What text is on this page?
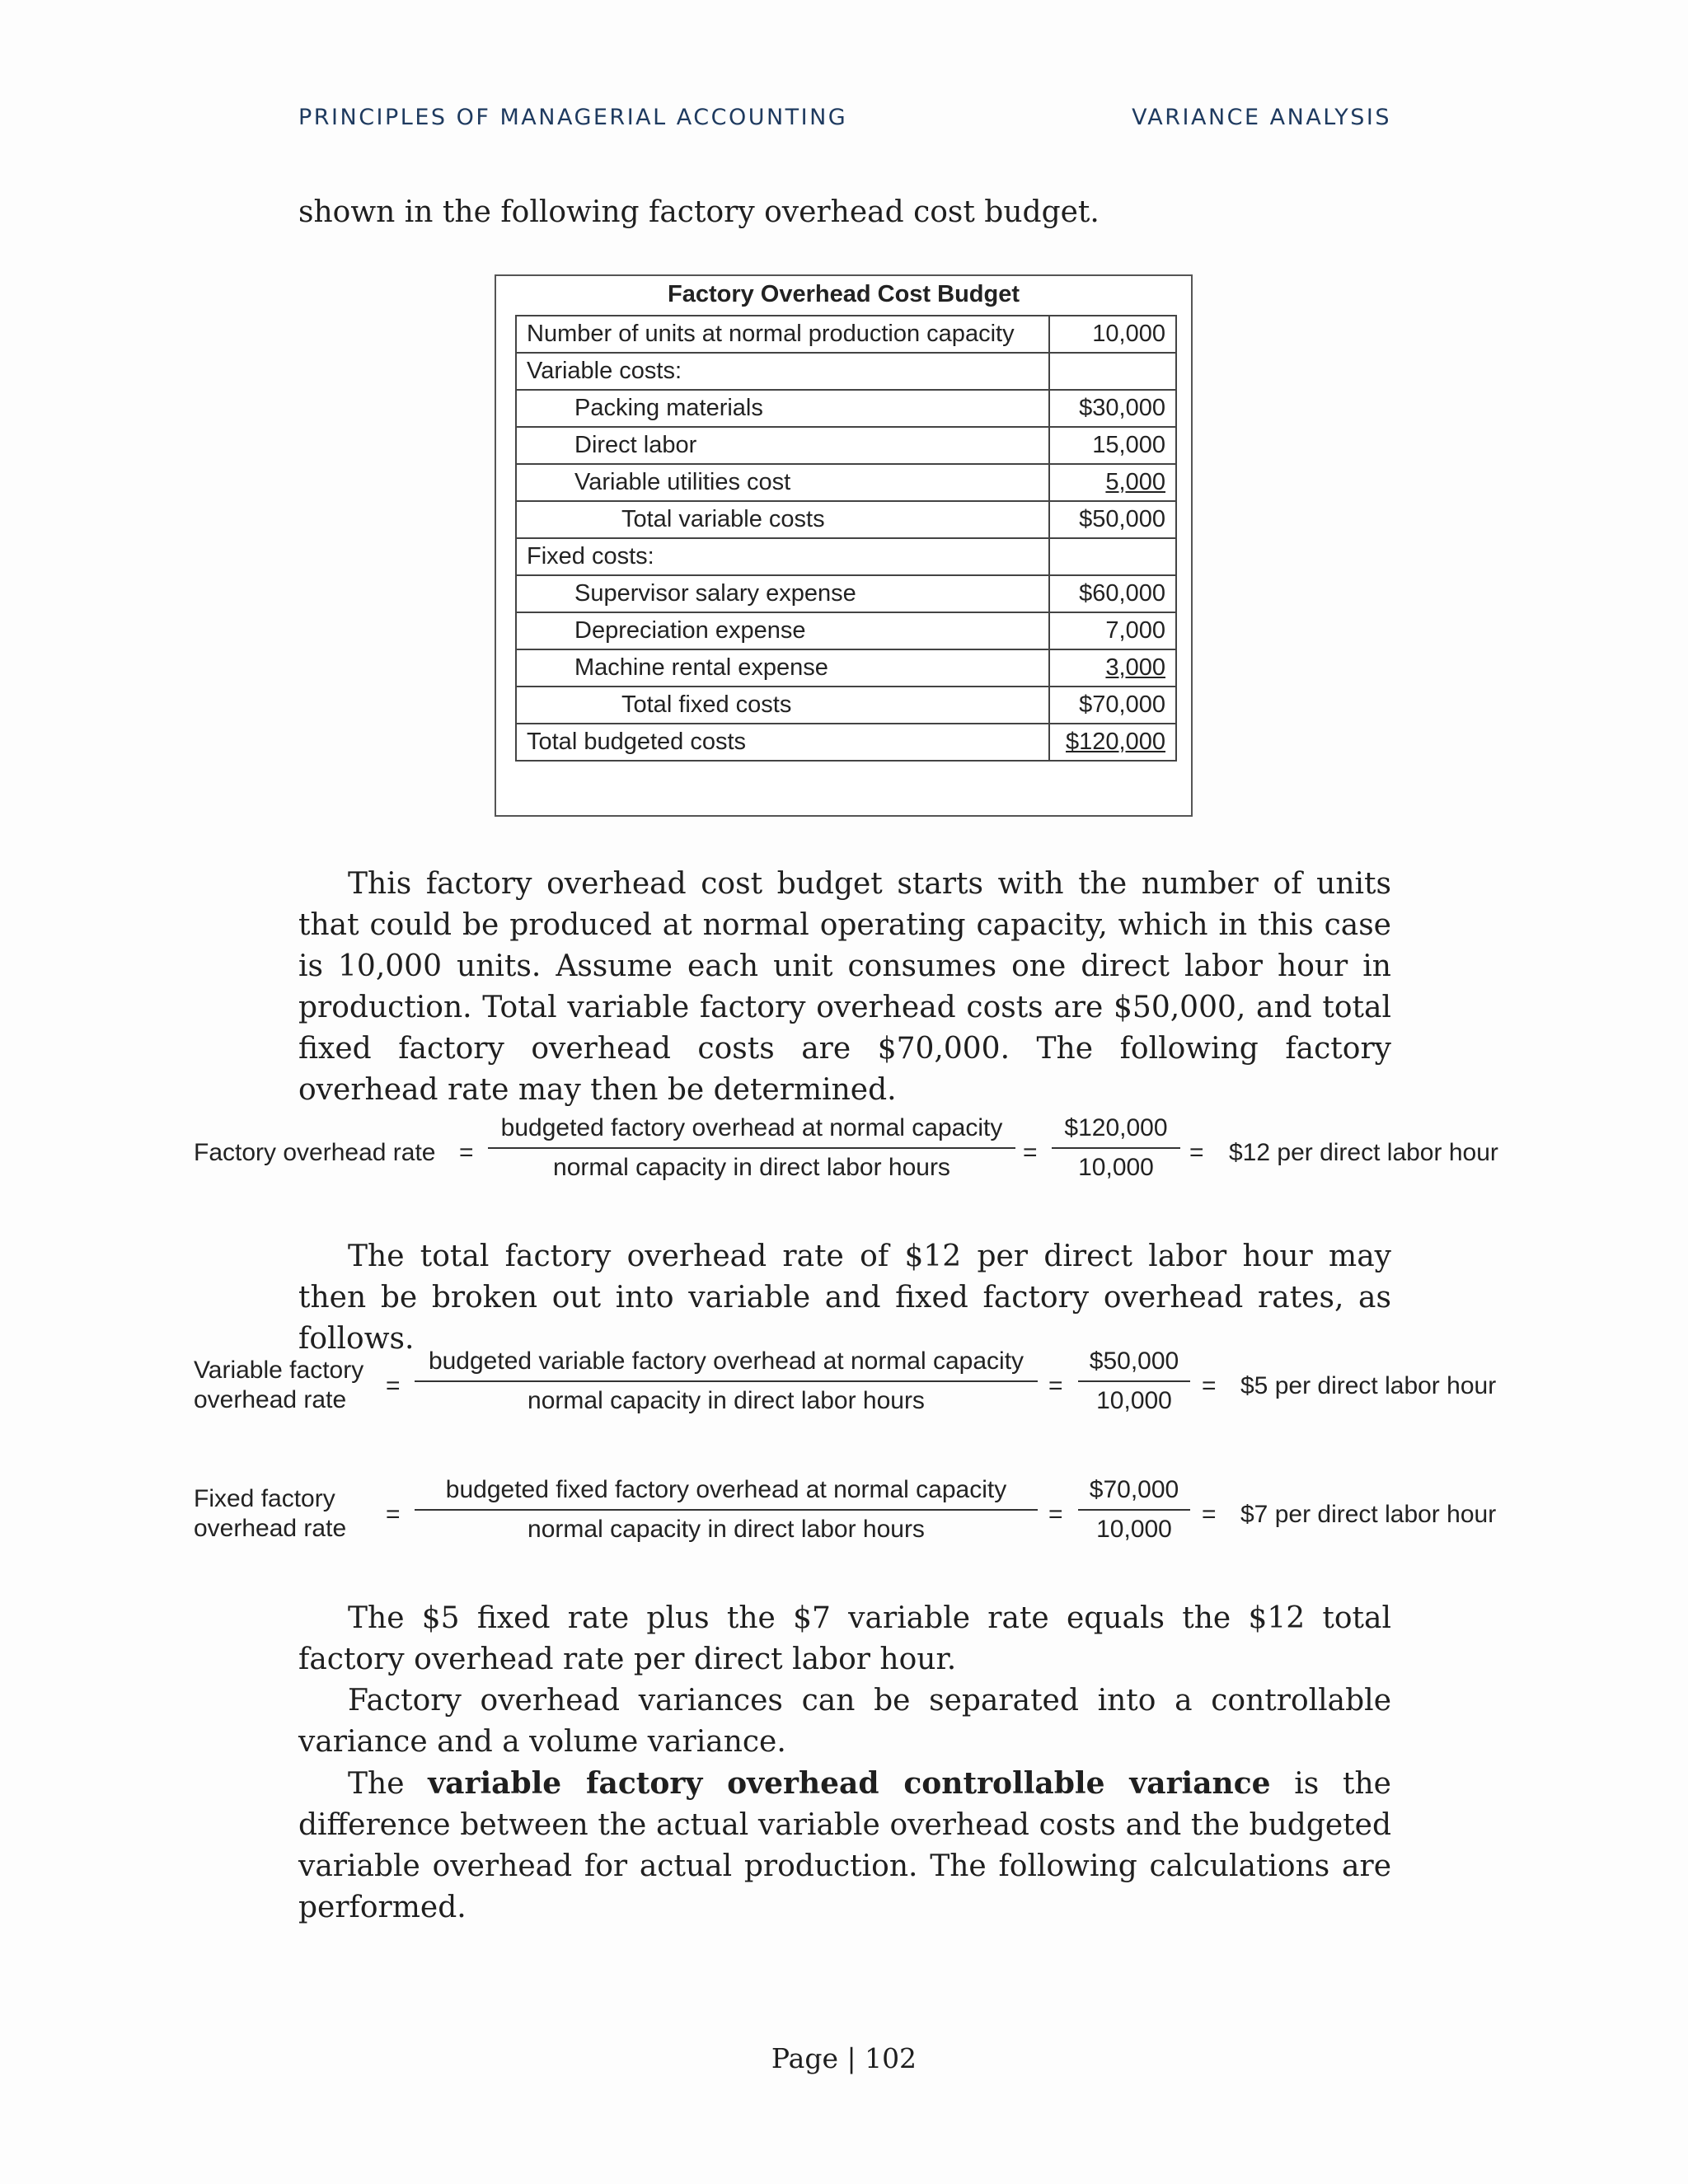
PRINCIPLES OF MANAGERIAL ACCOUNTING	VARIANCE ANALYSIS

shown in the following factory overhead cost budget.

Factory Overhead Cost Budget
Number of units at normal production capacity	10,000
Variable costs:	
Packing materials	$30,000
Direct labor	15,000
Variable utilities cost	5,000
Total variable costs	$50,000
Fixed costs:	
Supervisor salary expense	$60,000
Depreciation expense	7,000
Machine rental expense	3,000
Total fixed costs	$70,000
Total budgeted costs	$120,000

This factory overhead cost budget starts with the number of units that could be produced at normal operating capacity, which in this case is 10,000 units. Assume each unit consumes one direct labor hour in production. Total variable factory overhead costs are $50,000, and total fixed factory overhead costs are $70,000. The following factory overhead rate may then be determined.

Factory overhead rate =
budgeted factory overhead at normal capacity
normal capacity in direct labor hours
= $\frac{\$120,000}{10,000}$ = $12 per direct labor hour

The total factory overhead rate of $12 per direct labor hour may then be broken out into variable and fixed factory overhead rates, as follows.

Variable factory
overhead rate
=
budgeted variable factory overhead at normal capacity
normal capacity in direct labor hours
= $\frac{\$50,000}{10,000}$ = $5 per direct labor hour
Fixed factory
overhead rate
=
budgeted fixed factory overhead at normal capacity
normal capacity in direct labor hours
= $\frac{\$70,000}{10,000}$ = $7 per direct labor hour

The $5 fixed rate plus the $7 variable rate equals the $12 total factory overhead rate per direct labor hour.

Factory overhead variances can be separated into a controllable variance and a volume variance.

The variable factory overhead controllable variance is the difference between the actual variable overhead costs and the budgeted variable overhead for actual production. The following calculations are performed.

Page | 102
